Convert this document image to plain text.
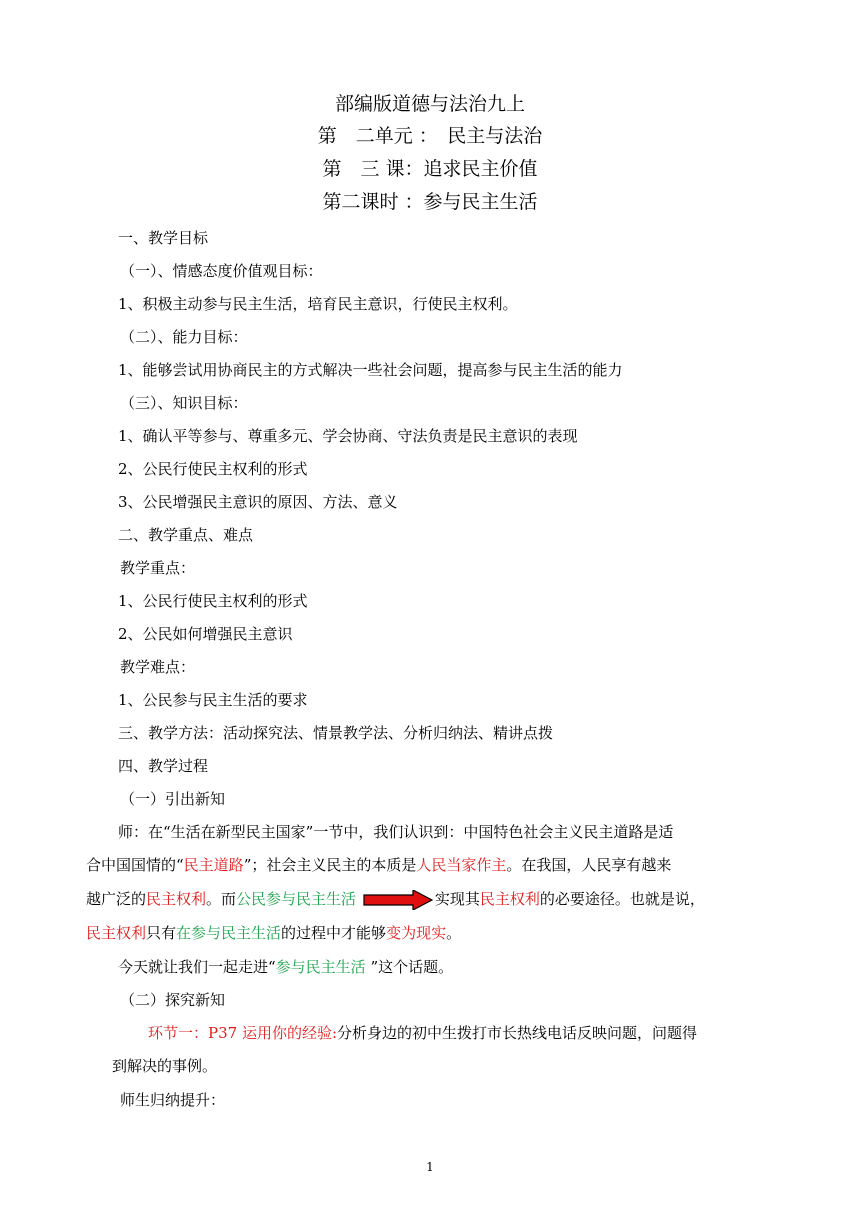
部编版道德与法治九上
第　二单元 ：　民主与法治
第　三 课：追求民主价值
第二课时 ：参与民主生活
一、教学目标
（一）、情感态度价值观目标：
1、积极主动参与民主生活，培育民主意识，行使民主权利。
（二）、能力目标：
1、能够尝试用协商民主的方式解决一些社会问题，提高参与民主生活的能力
（三）、知识目标：
1、确认平等参与、尊重多元、学会协商、守法负责是民主意识的表现
2、公民行使民主权利的形式
3、公民增强民主意识的原因、方法、意义
二、教学重点、难点
教学重点：
1、公民行使民主权利的形式
2、公民如何增强民主意识
教学难点：
1、公民参与民主生活的要求
三、教学方法：活动探究法、情景教学法、分析归纳法、精讲点拨
四、教学过程
（一）引出新知
师：在“生活在新型民主国家”一节中，我们认识到：中国特色社会主义民主道路是适
合中国国情的“民主道路”；社会主义民主的本质是人民当家作主。在我国，人民享有越来
越广泛的民主权利。而公民参与民主生活	实现其民主权利的必要途径。也就是说，
民主权利只有在参与民主生活的过程中才能够变为现实。
今天就让我们一起走进“参与民主生活 ”这个话题。
（二）探究新知
环节一：P37 运用你的经验:分析身边的初中生拨打市长热线电话反映问题，问题得
到解决的事例。
师生归纳提升：
1
